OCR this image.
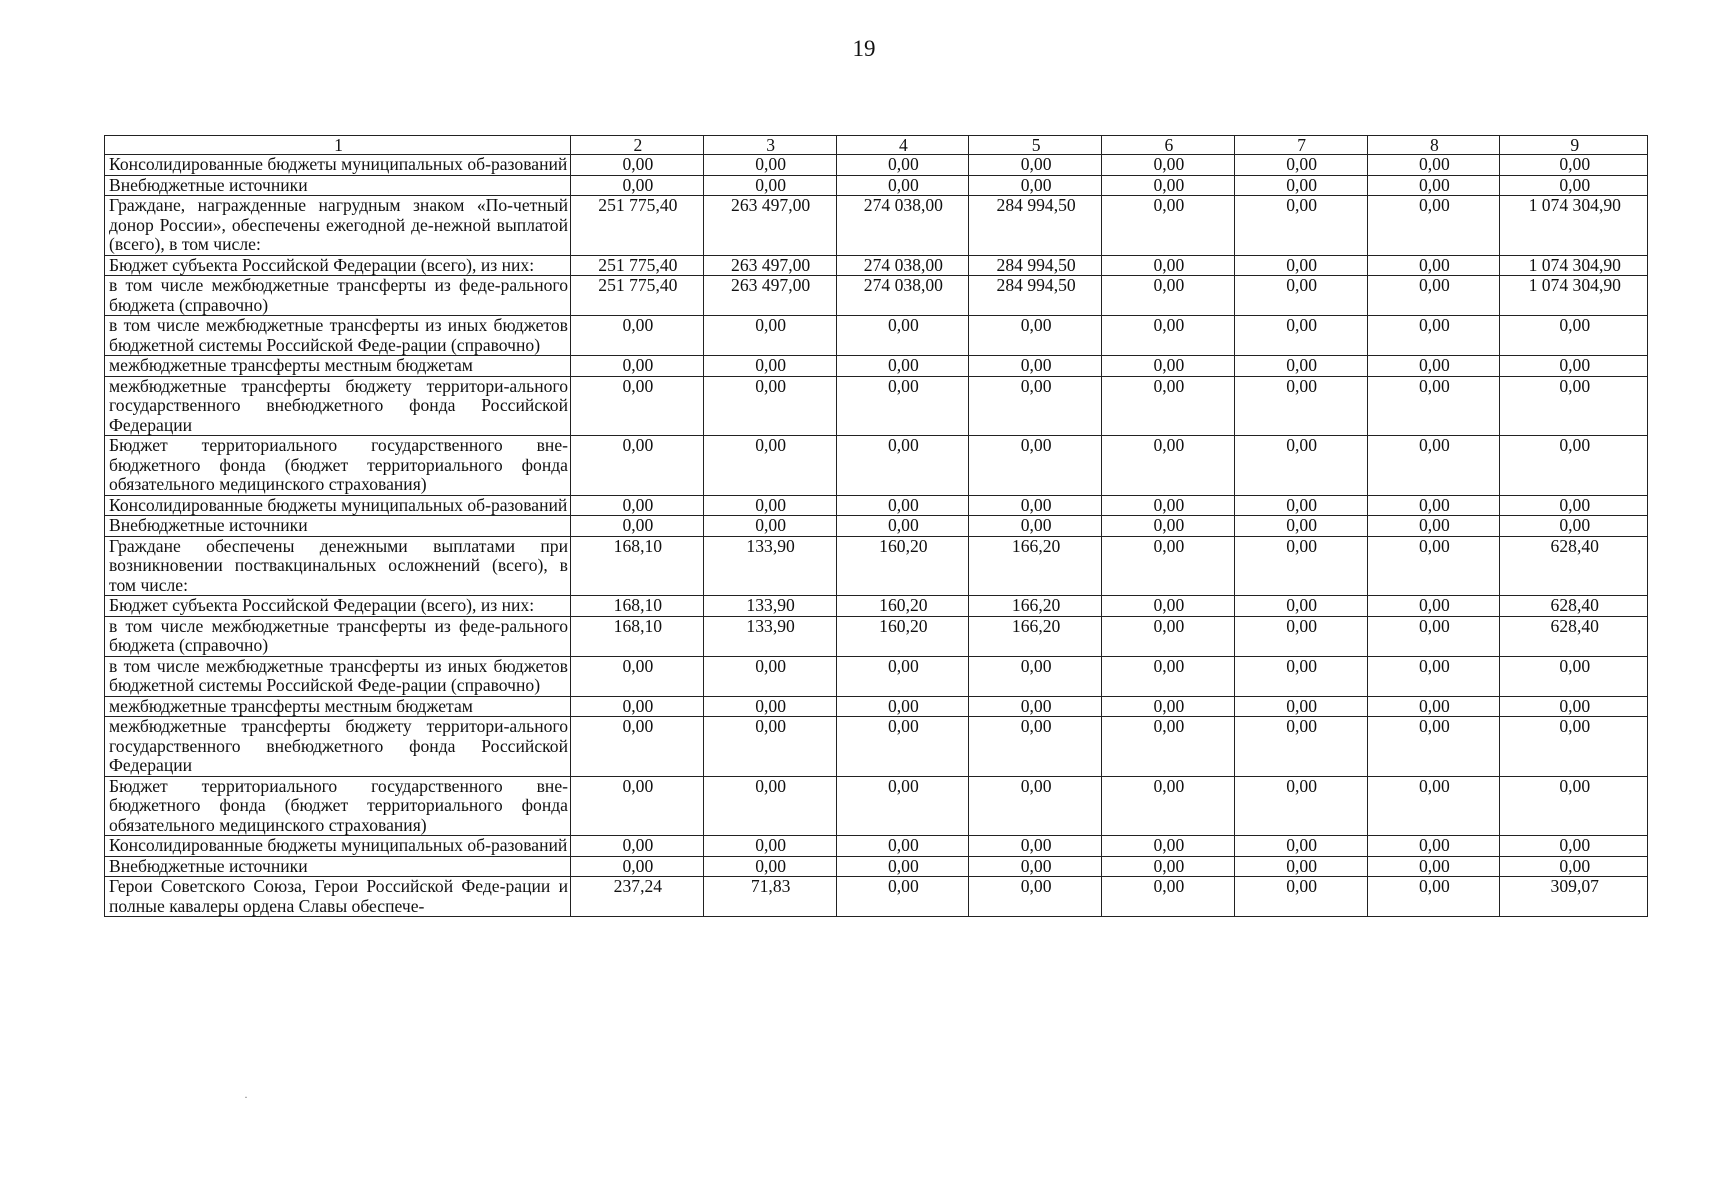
19
1	2	3	4	5	6	7	8	9
Консолидированные бюджеты муниципальных об-разований	0,00	0,00	0,00	0,00	0,00	0,00	0,00	0,00
Внебюджетные источники	0,00	0,00	0,00	0,00	0,00	0,00	0,00	0,00
Граждане, награжденные нагрудным знаком «По-четный донор России», обеспечены ежегодной де-нежной выплатой (всего), в том числе:	251 775,40	263 497,00	274 038,00	284 994,50	0,00	0,00	0,00	1 074 304,90
Бюджет субъекта Российской Федерации (всего), из них:	251 775,40	263 497,00	274 038,00	284 994,50	0,00	0,00	0,00	1 074 304,90
в том числе межбюджетные трансферты из феде-рального бюджета (справочно)	251 775,40	263 497,00	274 038,00	284 994,50	0,00	0,00	0,00	1 074 304,90
в том числе межбюджетные трансферты из иных бюджетов бюджетной системы Российской Феде-рации (справочно)	0,00	0,00	0,00	0,00	0,00	0,00	0,00	0,00
межбюджетные трансферты местным бюджетам	0,00	0,00	0,00	0,00	0,00	0,00	0,00	0,00
межбюджетные трансферты бюджету территори-ального государственного внебюджетного фонда Российской Федерации	0,00	0,00	0,00	0,00	0,00	0,00	0,00	0,00
Бюджет территориального государственного вне-бюджетного фонда (бюджет территориального фонда обязательного медицинского страхования)	0,00	0,00	0,00	0,00	0,00	0,00	0,00	0,00
Консолидированные бюджеты муниципальных об-разований	0,00	0,00	0,00	0,00	0,00	0,00	0,00	0,00
Внебюджетные источники	0,00	0,00	0,00	0,00	0,00	0,00	0,00	0,00
Граждане обеспечены денежными выплатами при возникновении поствакцинальных осложнений (всего), в том числе:	168,10	133,90	160,20	166,20	0,00	0,00	0,00	628,40
Бюджет субъекта Российской Федерации (всего), из них:	168,10	133,90	160,20	166,20	0,00	0,00	0,00	628,40
в том числе межбюджетные трансферты из феде-рального бюджета (справочно)	168,10	133,90	160,20	166,20	0,00	0,00	0,00	628,40
в том числе межбюджетные трансферты из иных бюджетов бюджетной системы Российской Феде-рации (справочно)	0,00	0,00	0,00	0,00	0,00	0,00	0,00	0,00
межбюджетные трансферты местным бюджетам	0,00	0,00	0,00	0,00	0,00	0,00	0,00	0,00
межбюджетные трансферты бюджету территори-ального государственного внебюджетного фонда Российской Федерации	0,00	0,00	0,00	0,00	0,00	0,00	0,00	0,00
Бюджет территориального государственного вне-бюджетного фонда (бюджет территориального фонда обязательного медицинского страхования)	0,00	0,00	0,00	0,00	0,00	0,00	0,00	0,00
Консолидированные бюджеты муниципальных об-разований	0,00	0,00	0,00	0,00	0,00	0,00	0,00	0,00
Внебюджетные источники	0,00	0,00	0,00	0,00	0,00	0,00	0,00	0,00
Герои Советского Союза, Герои Российской Феде-рации и полные кавалеры ордена Славы обеспече-	237,24	71,83	0,00	0,00	0,00	0,00	0,00	309,07
·
